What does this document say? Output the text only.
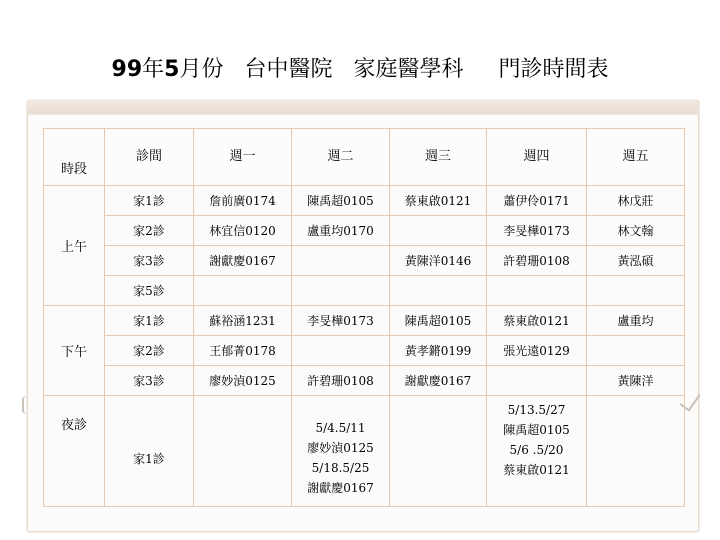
99年5月份 台中醫院 家庭醫學科 門診時間表
時段	診間	週一	週二	週三	週四	週五
上午	家1診	詹前廣0174	陳禹超0105	蔡東啟0121	蕭伊伶0171	林戊莊
	家2診	林宜信0120	盧重均0170		李旻樺0173	林文翰
	家3診	謝獻慶0167		黃陳洋0146	許碧珊0108	黃泓碩
	家5診					
下午	家1診	蘇裕涵1231	李旻樺0173	陳禹超0105	蔡東啟0121	盧重均
	家2診	王郁菁0178		黃孝鏘0199	張光遠0129	
	家3診	廖妙湞0125	許碧珊0108	謝獻慶0167		黃陳洋
夜診	家1診		5/4.5/11
廖妙湞0125
5/18.5/25
謝獻慶0167		5/13.5/27
陳禹超0105
5/6 .5/20
蔡東啟0121	
